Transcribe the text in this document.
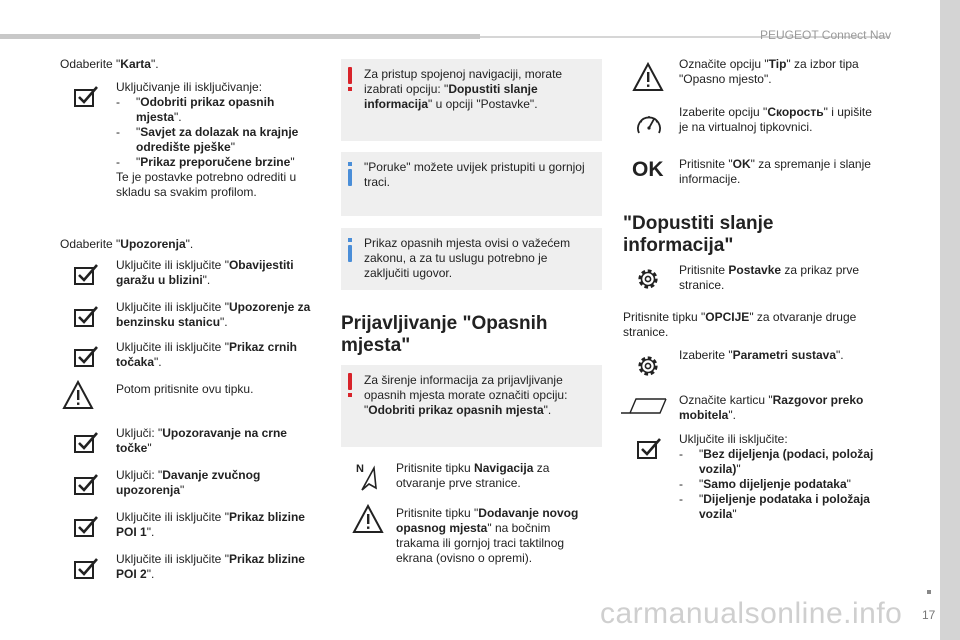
PEUGEOT Connect Nav
17
Odaberite "Karta".
Uključivanje ili isključivanje:
- "Odobriti prikaz opasnih mjesta".
- "Savjet za dolazak na krajnje odredište pješke"
- "Prikaz preporučene brzine"
Te je postavke potrebno odrediti u skladu sa svakim profilom.
Odaberite "Upozorenja".
Uključite ili isključite "Obavijestiti garažu u blizini".
Uključite ili isključite "Upozorenje za benzinsku stanicu".
Uključite ili isključite "Prikaz crnih točaka".
Potom pritisnite ovu tipku.
Uključi: "Upozoravanje na crne točke"
Uključi: "Davanje zvučnog upozorenja"
Uključite ili isključite "Prikaz blizine POI 1".
Uključite ili isključite "Prikaz blizine POI 2".
Za pristup spojenoj navigaciji, morate izabrati opciju: "Dopustiti slanje informacija" u opciji "Postavke".
"Poruke" možete uvijek pristupiti u gornjoj traci.
Prikaz opasnih mjesta ovisi o važećem zakonu, a za tu uslugu potrebno je zaključiti ugovor.
Prijavljivanje "Opasnih mjesta"
Za širenje informacija za prijavljivanje opasnih mjesta morate označiti opciju: "Odobriti prikaz opasnih mjesta".
N	Pritisnite tipku Navigacija za otvaranje prve stranice.
Pritisnite tipku "Dodavanje novog opasnog mjesta" na bočnim trakama ili gornjoj traci taktilnog ekrana (ovisno o opremi).
Označite opciju "Tip" za izbor tipa "Opasno mjesto".
Izaberite opciju "Скорость" i upišite je na virtualnoj tipkovnici.
OK Pritisnite "OK" za spremanje i slanje informacije.
"Dopustiti slanje informacija"
Pritisnite Postavke za prikaz prve stranice.
Pritisnite tipku "OPCIJE" za otvaranje druge stranice.
Izaberite "Parametri sustava".
Označite karticu "Razgovor preko mobitela".
Uključite ili isključite:
- "Bez dijeljenja (podaci, položaj vozila)"
- "Samo dijeljenje podataka"
- "Dijeljenje podataka i položaja vozila"
carmanualsonline.info
